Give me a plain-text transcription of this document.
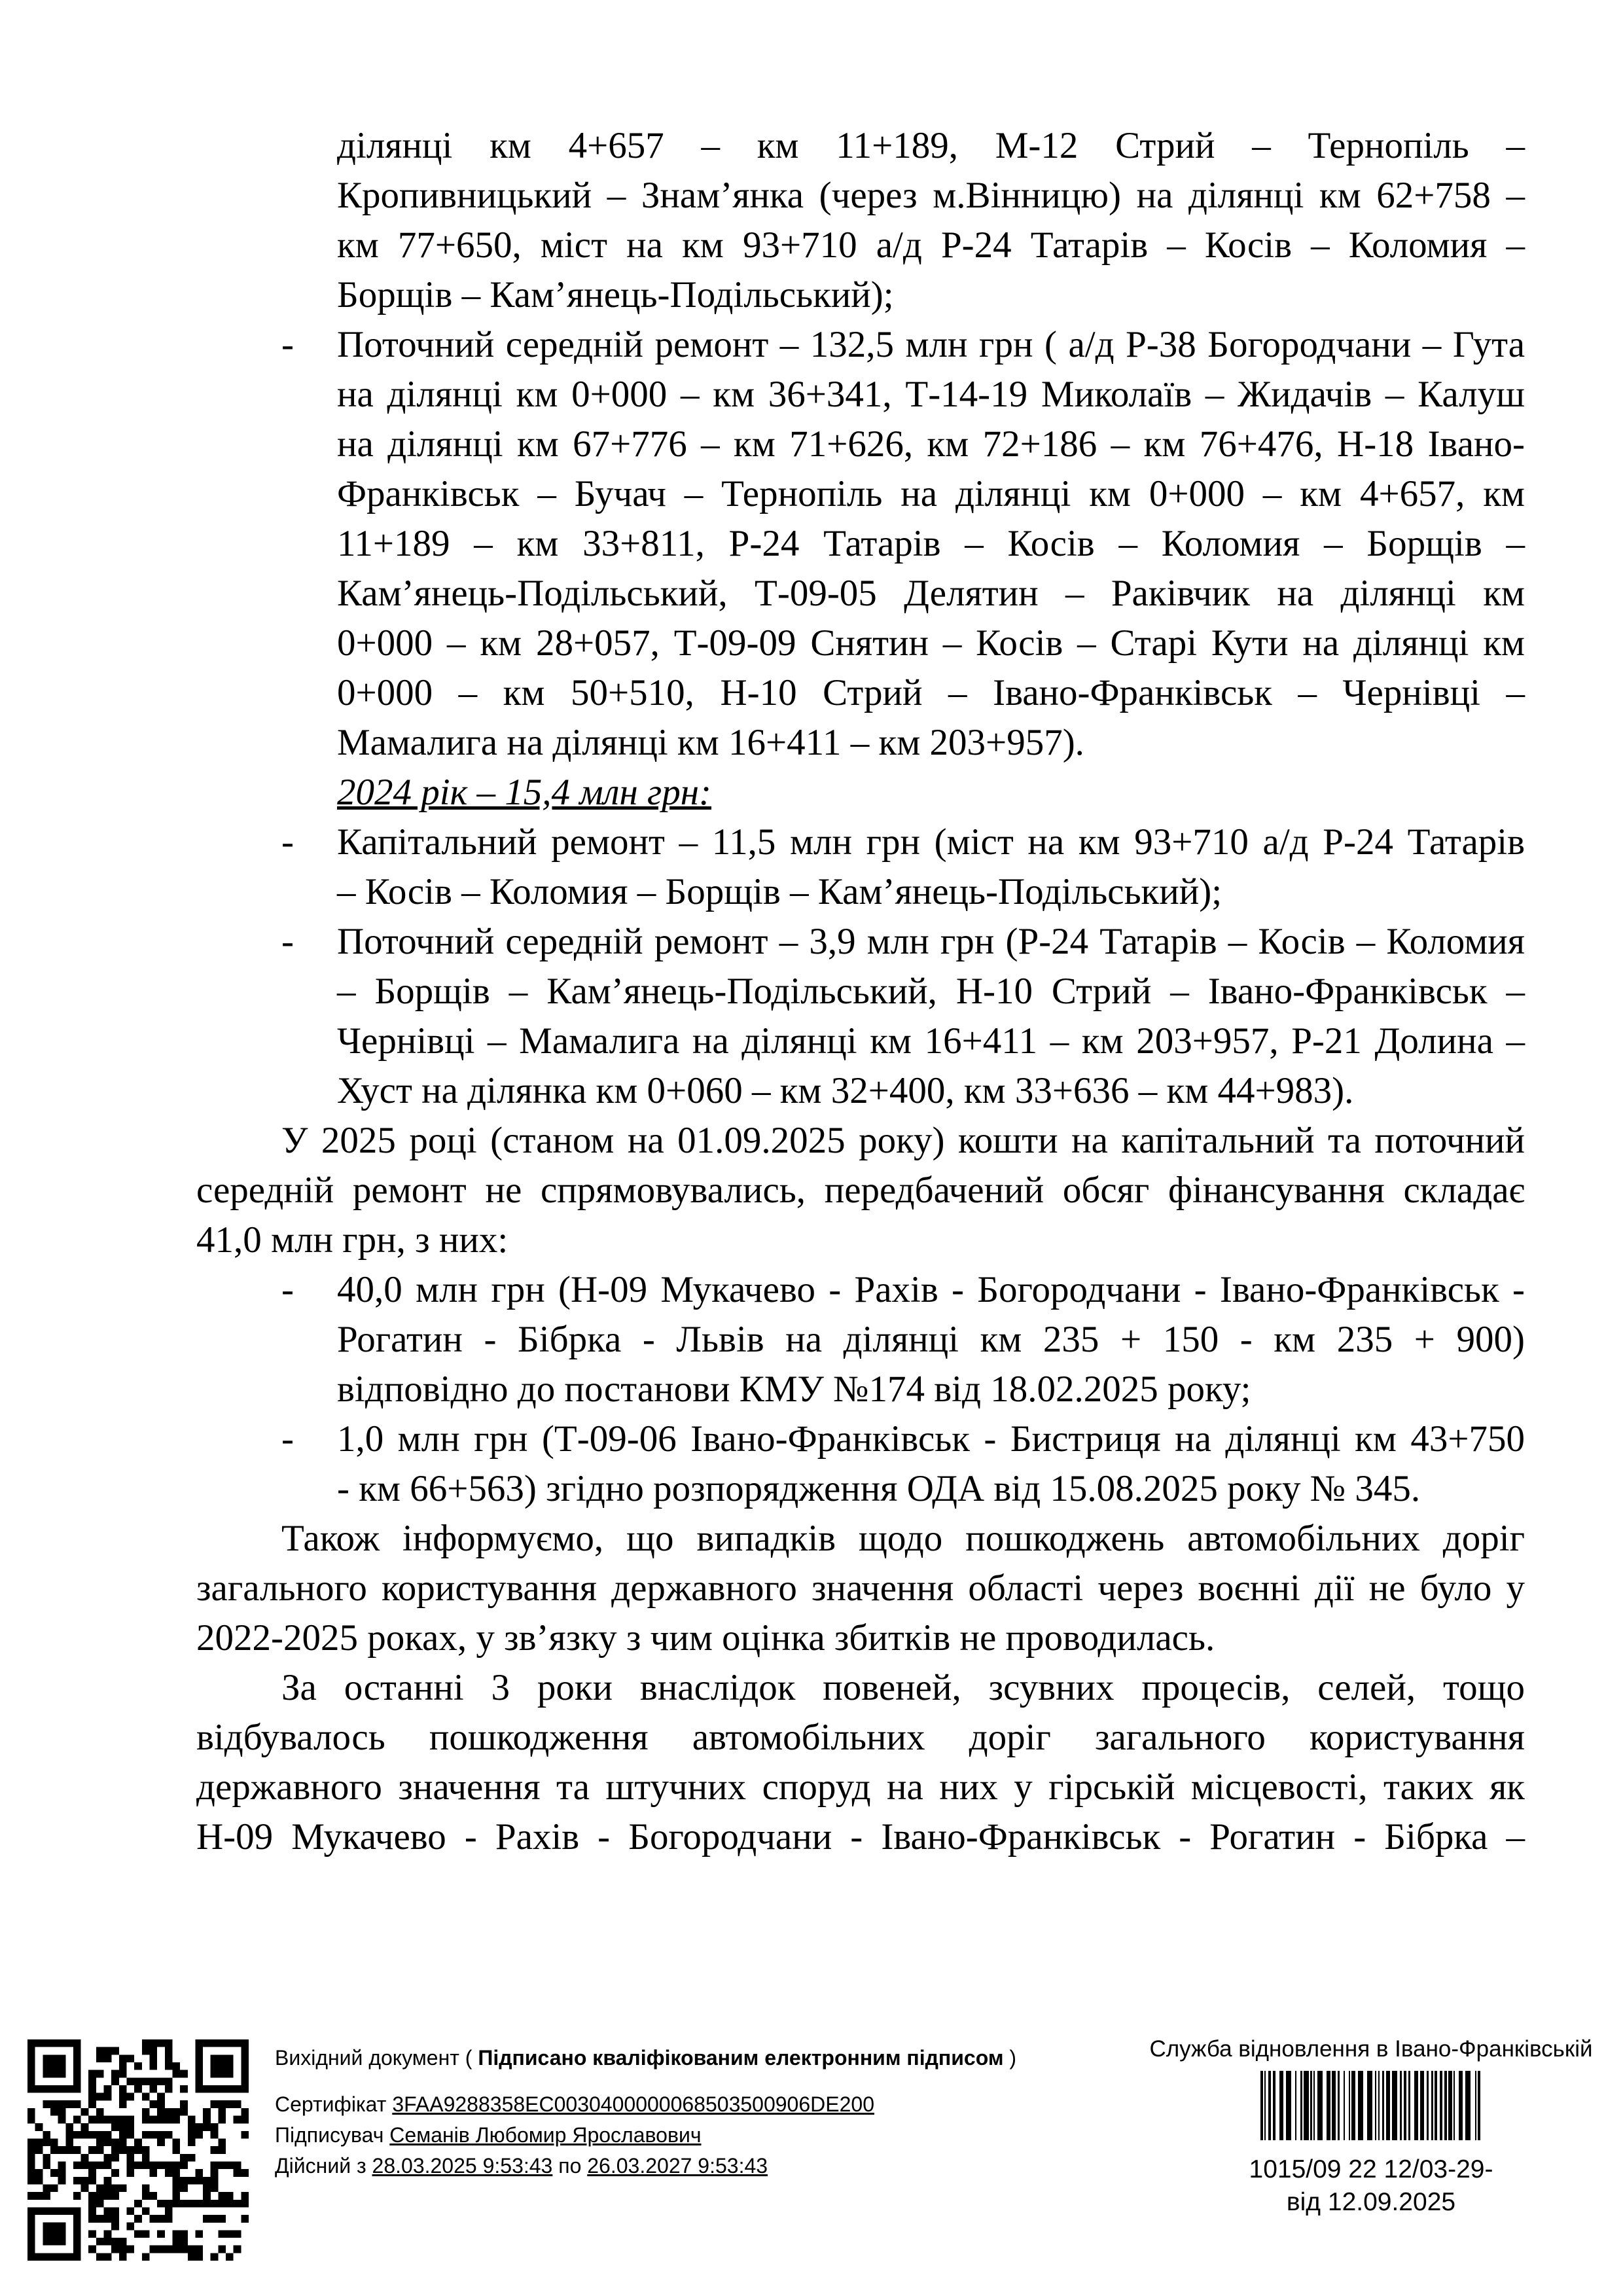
ділянці км 4+657 – км 11+189, М-12 Стрий – Тернопіль –
Кропивницький – Знам’янка (через м.Вінницю) на ділянці км 62+758 –
км 77+650, міст на км 93+710 а/д Р-24 Татарів – Косів – Коломия –
Борщів – Кам’янець-Подільський);
- Поточний середній ремонт – 132,5 млн грн ( а/д Р-38 Богородчани – Гута
на ділянці км 0+000 – км 36+341, Т-14-19 Миколаїв – Жидачів – Калуш
на ділянці км 67+776 – км 71+626, км 72+186 – км 76+476, Н-18 Івано-
Франківськ – Бучач – Тернопіль на ділянці км 0+000 – км 4+657, км
11+189 – км 33+811, Р-24 Татарів – Косів – Коломия – Борщів –
Кам’янець-Подільський, Т-09-05 Делятин – Раківчик на ділянці км
0+000 – км 28+057, Т-09-09 Снятин – Косів – Старі Кути на ділянці км
0+000 – км 50+510, Н-10 Стрий – Івано-Франківськ – Чернівці –
Мамалига на ділянці км 16+411 – км 203+957).
2024 рік – 15,4 млн грн:
- Капітальний ремонт – 11,5 млн грн (міст на км 93+710 а/д Р-24 Татарів
– Косів – Коломия – Борщів – Кам’янець-Подільський);
- Поточний середній ремонт – 3,9 млн грн (Р-24 Татарів – Косів – Коломия
– Борщів – Кам’янець-Подільський, Н-10 Стрий – Івано-Франківськ –
Чернівці – Мамалига на ділянці км 16+411 – км 203+957, Р-21 Долина –
Хуст на ділянка км 0+060 – км 32+400, км 33+636 – км 44+983).
У 2025 році (станом на 01.09.2025 року) кошти на капітальний та поточний
середній ремонт не спрямовувались, передбачений обсяг фінансування складає
41,0 млн грн, з них:
- 40,0 млн грн (Н-09 Мукачево - Рахів - Богородчани - Івано-Франківськ -
Рогатин - Бібрка - Львів на ділянці км 235 + 150 - км 235 + 900)
відповідно до постанови КМУ №174 від 18.02.2025 року;
- 1,0 млн грн (Т-09-06 Івано-Франківськ - Бистриця на ділянці км 43+750
- км 66+563) згідно розпорядження ОДА від 15.08.2025 року № 345.
Також інформуємо, що випадків щодо пошкоджень автомобільних доріг
загального користування державного значення області через воєнні дії не було у
2022-2025 роках, у зв’язку з чим оцінка збитків не проводилась.
За останні 3 роки внаслідок повеней, зсувних процесів, селей, тощо
відбувалось пошкодження автомобільних доріг загального користування
державного значення та штучних споруд на них у гірській місцевості, таких як
Н-09 Мукачево - Рахів - Богородчани - Івано-Франківськ - Рогатин - Бібрка –
Вихідний документ ( Підписано кваліфікованим електронним підписом )
Сертифікат 3FAA9288358EC0030400000068503500906DE200
Підписувач Семанів Любомир Ярославович
Дійсний з 28.03.2025 9:53:43 по 26.03.2027 9:53:43
Служба відновлення в Івано-Франківській
1015/09 22 12/03-29-
від 12.09.2025
